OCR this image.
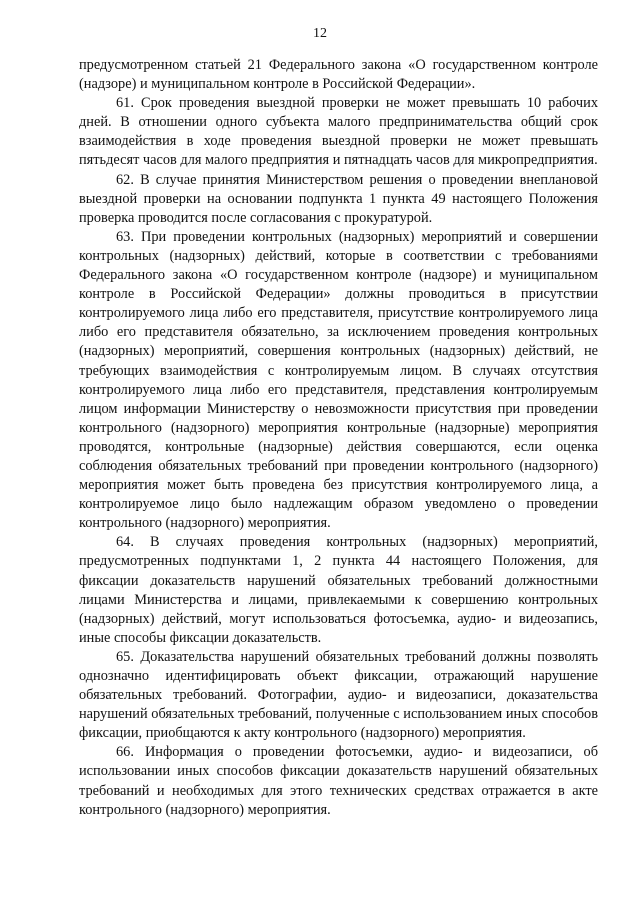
12

предусмотренном статьей 21 Федерального закона «О государственном контроле (надзоре) и муниципальном контроле в Российской Федерации».

61. Срок проведения выездной проверки не может превышать 10 рабочих дней. В отношении одного субъекта малого предпринимательства общий срок взаимодействия в ходе проведения выездной проверки не может превышать пятьдесят часов для малого предприятия и пятнадцать часов для микропредприятия.

62. В случае принятия Министерством решения о проведении внеплановой выездной проверки на основании подпункта 1 пункта 49 настоящего Положения проверка проводится после согласования с прокуратурой.

63. При проведении контрольных (надзорных) мероприятий и совершении контрольных (надзорных) действий, которые в соответствии с требованиями Федерального закона «О государственном контроле (надзоре) и муниципальном контроле в Российской Федерации» должны проводиться в присутствии контролируемого лица либо его представителя, присутствие контролируемого лица либо его представителя обязательно, за исключением проведения контрольных (надзорных) мероприятий, совершения контрольных (надзорных) действий, не требующих взаимодействия с контролируемым лицом. В случаях отсутствия контролируемого лица либо его представителя, представления контролируемым лицом информации Министерству о невозможности присутствия при проведении контрольного (надзорного) мероприятия контрольные (надзорные) мероприятия проводятся, контрольные (надзорные) действия совершаются, если оценка соблюдения обязательных требований при проведении контрольного (надзорного) мероприятия может быть проведена без присутствия контролируемого лица, а контролируемое лицо было надлежащим образом уведомлено о проведении контрольного (надзорного) мероприятия.

64. В случаях проведения контрольных (надзорных) мероприятий, предусмотренных подпунктами 1, 2 пункта 44 настоящего Положения, для фиксации доказательств нарушений обязательных требований должностными лицами Министерства и лицами, привлекаемыми к совершению контрольных (надзорных) действий, могут использоваться фотосъемка, аудио- и видеозапись, иные способы фиксации доказательств.

65. Доказательства нарушений обязательных требований должны позволять однозначно идентифицировать объект фиксации, отражающий нарушение обязательных требований. Фотографии, аудио- и видеозаписи, доказательства нарушений обязательных требований, полученные с использованием иных способов фиксации, приобщаются к акту контрольного (надзорного) мероприятия.

66. Информация о проведении фотосъемки, аудио- и видеозаписи, об использовании иных способов фиксации доказательств нарушений обязательных требований и необходимых для этого технических средствах отражается в акте контрольного (надзорного) мероприятия.
